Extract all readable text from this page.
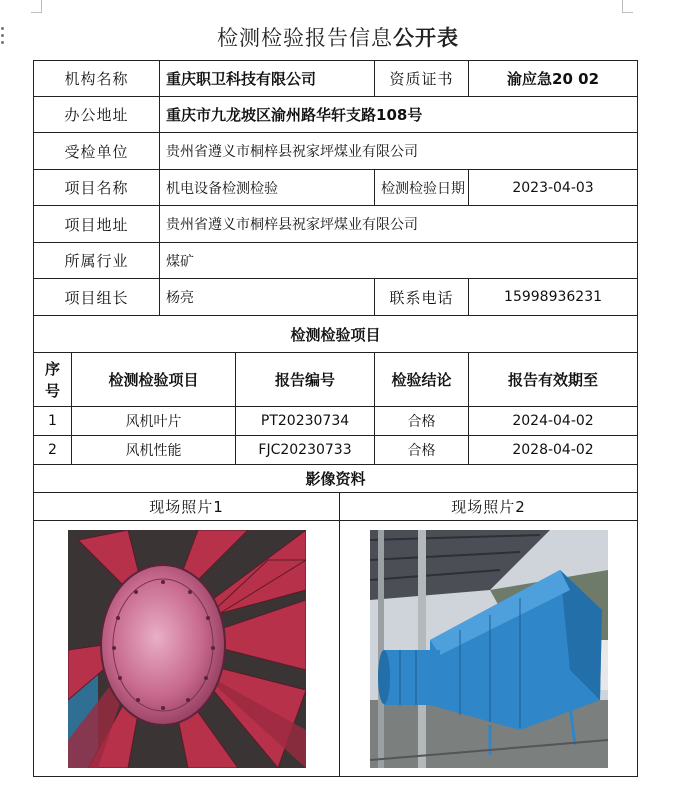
检测检验报告信息公开表
机构名称		重庆职卫科技有限公司			资质证书	渝应急20 02
办公地址		重庆市九龙坡区渝州路华轩支路108号				
受检单位		贵州省遵义市桐梓县祝家坪煤业有限公司				
项目名称		机电设备检测检验			检测检验日期	2023-04-03
项目地址		贵州省遵义市桐梓县祝家坪煤业有限公司				
所属行业		煤矿				
项目组长		杨亮			联系电话	15998936231
检测检验项目						
序
号	检测检验项目		报告编号		检验结论	报告有效期至
1	风机叶片		PT20230734		合格	2024-04-02
2	风机性能		FJC20230733		合格	2028-04-02
影像资料						
现场照片1				现场照片2		
